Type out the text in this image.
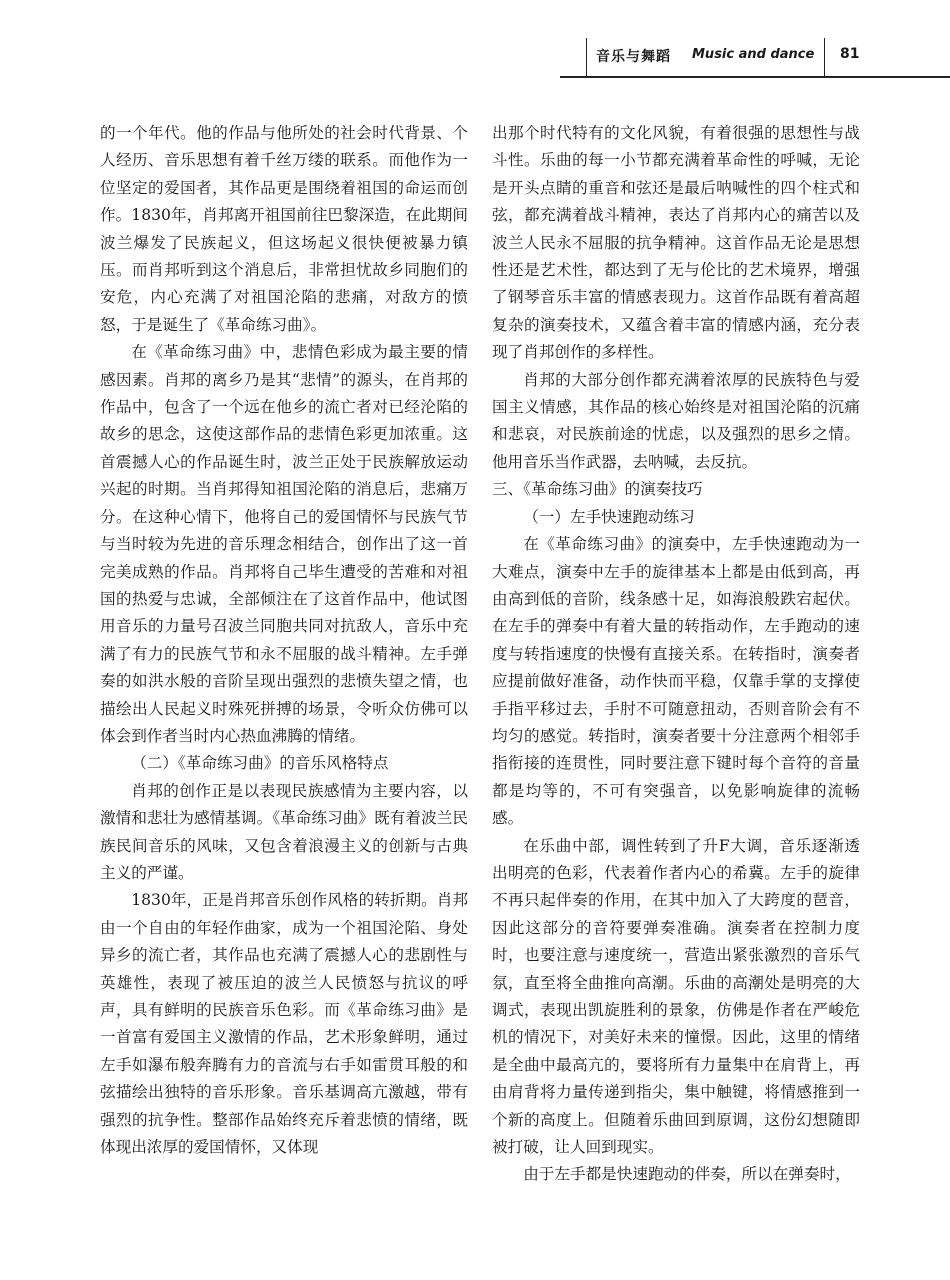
音乐与舞蹈 Music and dance 81

的一个年代。他的作品与他所处的社会时代背景、个人经历、音乐思想有着千丝万缕的联系。而他作为一位坚定的爱国者，其作品更是围绕着祖国的命运而创作。1830年，肖邦离开祖国前往巴黎深造，在此期间波兰爆发了民族起义，但这场起义很快便被暴力镇压。而肖邦听到这个消息后，非常担忧故乡同胞们的安危，内心充满了对祖国沦陷的悲痛，对敌方的愤怒，于是诞生了《革命练习曲》。

在《革命练习曲》中，悲情色彩成为最主要的情感因素。肖邦的离乡乃是其“悲情”的源头，在肖邦的作品中，包含了一个远在他乡的流亡者对已经沦陷的故乡的思念，这使这部作品的悲情色彩更加浓重。这首震撼人心的作品诞生时，波兰正处于民族解放运动兴起的时期。当肖邦得知祖国沦陷的消息后，悲痛万分。在这种心情下，他将自己的爱国情怀与民族气节与当时较为先进的音乐理念相结合，创作出了这一首完美成熟的作品。肖邦将自己毕生遭受的苦难和对祖国的热爱与忠诚，全部倾注在了这首作品中，他试图用音乐的力量号召波兰同胞共同对抗敌人，音乐中充满了有力的民族气节和永不屈服的战斗精神。左手弹奏的如洪水般的音阶呈现出强烈的悲愤失望之情，也描绘出人民起义时殊死拼搏的场景，令听众仿佛可以体会到作者当时内心热血沸腾的情绪。

（二）《革命练习曲》的音乐风格特点

肖邦的创作正是以表现民族感情为主要内容，以激情和悲壮为感情基调。《革命练习曲》既有着波兰民族民间音乐的风味，又包含着浪漫主义的创新与古典主义的严谨。

1830年，正是肖邦音乐创作风格的转折期。肖邦由一个自由的年轻作曲家，成为一个祖国沦陷、身处异乡的流亡者，其作品也充满了震撼人心的悲剧性与英雄性，表现了被压迫的波兰人民愤怒与抗议的呼声，具有鲜明的民族音乐色彩。而《革命练习曲》是一首富有爱国主义激情的作品，艺术形象鲜明，通过左手如瀑布般奔腾有力的音流与右手如雷贯耳般的和弦描绘出独特的音乐形象。音乐基调高亢激越，带有强烈的抗争性。整部作品始终充斥着悲愤的情绪，既体现出浓厚的爱国情怀，又体现

出那个时代特有的文化风貌，有着很强的思想性与战斗性。乐曲的每一小节都充满着革命性的呼喊，无论是开头点睛的重音和弦还是最后呐喊性的四个柱式和弦，都充满着战斗精神，表达了肖邦内心的痛苦以及波兰人民永不屈服的抗争精神。这首作品无论是思想性还是艺术性，都达到了无与伦比的艺术境界，增强了钢琴音乐丰富的情感表现力。这首作品既有着高超复杂的演奏技术，又蕴含着丰富的情感内涵，充分表现了肖邦创作的多样性。

肖邦的大部分创作都充满着浓厚的民族特色与爱国主义情感，其作品的核心始终是对祖国沦陷的沉痛和悲哀，对民族前途的忧虑，以及强烈的思乡之情。他用音乐当作武器，去呐喊，去反抗。

三、《革命练习曲》的演奏技巧

（一）左手快速跑动练习

在《革命练习曲》的演奏中，左手快速跑动为一大难点，演奏中左手的旋律基本上都是由低到高，再由高到低的音阶，线条感十足，如海浪般跌宕起伏。在左手的弹奏中有着大量的转指动作，左手跑动的速度与转指速度的快慢有直接关系。在转指时，演奏者应提前做好准备，动作快而平稳，仅靠手掌的支撑使手指平移过去，手肘不可随意扭动，否则音阶会有不均匀的感觉。转指时，演奏者要十分注意两个相邻手指衔接的连贯性，同时要注意下键时每个音符的音量都是均等的，不可有突强音，以免影响旋律的流畅感。

在乐曲中部，调性转到了升F大调，音乐逐渐透出明亮的色彩，代表着作者内心的希冀。左手的旋律不再只起伴奏的作用，在其中加入了大跨度的琶音，因此这部分的音符要弹奏准确。演奏者在控制力度时，也要注意与速度统一，营造出紧张激烈的音乐气氛，直至将全曲推向高潮。乐曲的高潮处是明亮的大调式，表现出凯旋胜利的景象，仿佛是作者在严峻危机的情况下，对美好未来的憧憬。因此，这里的情绪是全曲中最高亢的，要将所有力量集中在肩背上，再由肩背将力量传递到指尖，集中触键，将情感推到一个新的高度上。但随着乐曲回到原调，这份幻想随即被打破，让人回到现实。

由于左手都是快速跑动的伴奏，所以在弹奏时，
